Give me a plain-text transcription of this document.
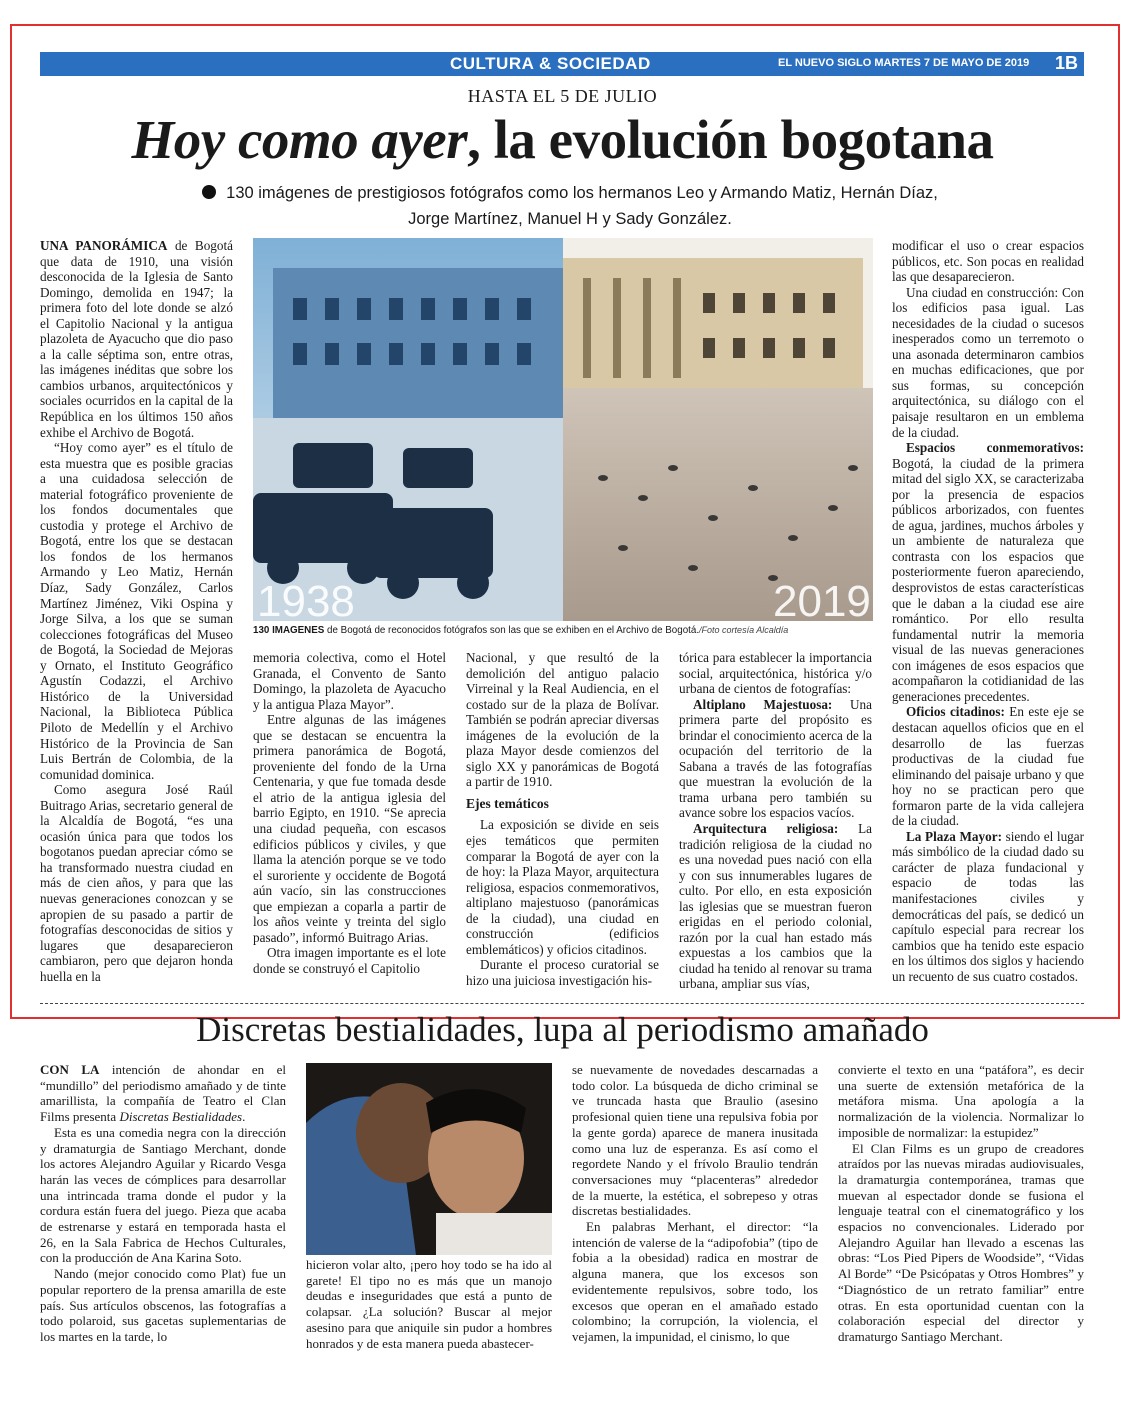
CULTURA & SOCIEDAD	EL NUEVO SIGLO MARTES 7 DE MAYO DE 2019 1B
HASTA EL 5 DE JULIO
Hoy como ayer, la evolución bogotana
130 imágenes de prestigiosos fotógrafos como los hermanos Leo y Armando Matiz, Hernán Díaz, Jorge Martínez, Manuel H y Sady González.

UNA PANORÁMICA de Bogotá que data de 1910, una visión desconocida de la Iglesia de Santo Domingo, demolida en 1947; la primera foto del lote donde se alzó el Capitolio Nacional y la antigua plazoleta de Ayacucho que dio paso a la calle séptima son, entre otras, las imágenes inéditas que sobre los cambios urbanos, arquitectónicos y sociales ocurridos en la capital de la República en los últimos 150 años exhibe el Archivo de Bogotá.

“Hoy como ayer” es el título de esta muestra que es posible gracias a una cuidadosa selección de material fotográfico proveniente de los fondos documentales que custodia y protege el Archivo de Bogotá, entre los que se destacan los fondos de los hermanos Armando y Leo Matiz, Hernán Díaz, Sady González, Carlos Martínez Jiménez, Viki Ospina y Jorge Silva, a los que se suman colecciones fotográficas del Museo de Bogotá, la Sociedad de Mejoras y Ornato, el Instituto Geográfico Agustín Codazzi, el Archivo Histórico de la Universidad Nacional, la Biblioteca Pública Piloto de Medellín y el Archivo Histórico de la Provincia de San Luis Bertrán de Colombia, de la comunidad dominica.

Como asegura José Raúl Buitrago Arias, secretario general de la Alcaldía de Bogotá, “es una ocasión única para que todos los bogotanos puedan apreciar cómo se ha transformado nuestra ciudad en más de cien años, y para que las nuevas generaciones conozcan y se apropien de su pasado a partir de fotografías desconocidas de sitios y lugares que desaparecieron cambiaron, pero que dejaron honda huella en la

1938	2019
130 IMAGENES de Bogotá de reconocidos fotógrafos son las que se exhiben en el Archivo de Bogotá./Foto cortesía Alcaldía

memoria colectiva, como el Hotel Granada, el Convento de Santo Domingo, la plazoleta de Ayacucho y la antigua Plaza Mayor”.

Entre algunas de las imágenes que se destacan se encuentra la primera panorámica de Bogotá, proveniente del fondo de la Urna Centenaria, y que fue tomada desde el atrio de la antigua iglesia del barrio Egipto, en 1910. “Se aprecia una ciudad pequeña, con escasos edificios públicos y civiles, y que llama la atención porque se ve todo el suroriente y occidente de Bogotá aún vacío, sin las construcciones que empiezan a coparla a partir de los años veinte y treinta del siglo pasado”, informó Buitrago Arias.

Otra imagen importante es el lote donde se construyó el Capitolio

Nacional, y que resultó de la demolición del antiguo palacio Virreinal y la Real Audiencia, en el costado sur de la plaza de Bolívar. También se podrán apreciar diversas imágenes de la evolución de la plaza Mayor desde comienzos del siglo XX y panorámicas de Bogotá a partir de 1910.

Ejes temáticos

La exposición se divide en seis ejes temáticos que permiten comparar la Bogotá de ayer con la de hoy: la Plaza Mayor, arquitectura religiosa, espacios conmemorativos, altiplano majestuoso (panorámicas de la ciudad), una ciudad en construcción (edificios emblemáticos) y oficios citadinos.

Durante el proceso curatorial se hizo una juiciosa investigación his-

tórica para establecer la importancia social, arquitectónica, histórica y/o urbana de cientos de fotografías:

Altiplano Majestuosa: Una primera parte del propósito es brindar el conocimiento acerca de la ocupación del territorio de la Sabana a través de las fotografías que muestran la evolución de la trama urbana pero también su avance sobre los espacios vacíos.

Arquitectura religiosa: La tradición religiosa de la ciudad no es una novedad pues nació con ella y con sus innumerables lugares de culto. Por ello, en esta exposición las iglesias que se muestran fueron erigidas en el periodo colonial, razón por la cual han estado más expuestas a los cambios que la ciudad ha tenido al renovar su trama urbana, ampliar sus vías,

modificar el uso o crear espacios públicos, etc. Son pocas en realidad las que desaparecieron.

Una ciudad en construcción: Con los edificios pasa igual. Las necesidades de la ciudad o sucesos inesperados como un terremoto o una asonada determinaron cambios en muchas edificaciones, que por sus formas, su concepción arquitectónica, su diálogo con el paisaje resultaron en un emblema de la ciudad.

Espacios conmemorativos: Bogotá, la ciudad de la primera mitad del siglo XX, se caracterizaba por la presencia de espacios públicos arborizados, con fuentes de agua, jardines, muchos árboles y un ambiente de naturaleza que contrasta con los espacios que posteriormente fueron apareciendo, desprovistos de estas características que le daban a la ciudad ese aire romántico. Por ello resulta fundamental nutrir la memoria visual de las nuevas generaciones con imágenes de esos espacios que acompañaron la cotidianidad de las generaciones precedentes.

Oficios citadinos: En este eje se destacan aquellos oficios que en el desarrollo de las fuerzas productivas de la ciudad fue eliminando del paisaje urbano y que hoy no se practican pero que formaron parte de la vida callejera de la ciudad.

La Plaza Mayor: siendo el lugar más simbólico de la ciudad dado su carácter de plaza fundacional y espacio de todas las manifestaciones civiles y democráticas del país, se dedicó un capítulo especial para recrear los cambios que ha tenido este espacio en los últimos dos siglos y haciendo un recuento de sus cuatro costados.

Discretas bestialidades, lupa al periodismo amañado

CON LA intención de ahondar en el “mundillo” del periodismo amañado y de tinte amarillista, la compañía de Teatro el Clan Films presenta Discretas Bestialidades.

Esta es una comedia negra con la dirección y dramaturgia de Santiago Merchant, donde los actores Alejandro Aguilar y Ricardo Vesga harán las veces de cómplices para desarrollar una intrincada trama donde el pudor y la cordura están fuera del juego. Pieza que acaba de estrenarse y estará en temporada hasta el 26, en la Sala Fabrica de Hechos Culturales, con la producción de Ana Karina Soto.

Nando (mejor conocido como Plat) fue un popular reportero de la prensa amarilla de este país. Sus artículos obscenos, las fotografías a todo polaroid, sus gacetas suplementarias de los martes en la tarde, lo

hicieron volar alto, ¡pero hoy todo se ha ido al garete! El tipo no es más que un manojo deudas e inseguridades que está a punto de colapsar. ¿La solución? Buscar al mejor asesino para que aniquile sin pudor a hombres honrados y de esta manera pueda abastecer-

se nuevamente de novedades descarnadas a todo color. La búsqueda de dicho criminal se ve truncada hasta que Braulio (asesino profesional quien tiene una repulsiva fobia por la gente gorda) aparece de manera inusitada como una luz de esperanza. Es así como el regordete Nando y el frívolo Braulio tendrán conversaciones muy “placenteras” alrededor de la muerte, la estética, el sobrepeso y otras discretas bestialidades.

En palabras Merhant, el director: “la intención de valerse de la “adipofobia” (tipo de fobia a la obesidad) radica en mostrar de alguna manera, que los excesos son evidentemente repulsivos, sobre todo, los excesos que operan en el amañado estado colombino; la corrupción, la violencia, el vejamen, la impunidad, el cinismo, lo que

convierte el texto en una “patáfora”, es decir una suerte de extensión metafórica de la metáfora misma. Una apología a la normalización de la violencia. Normalizar lo imposible de normalizar: la estupidez”

El Clan Films es un grupo de creadores atraídos por las nuevas miradas audiovisuales, la dramaturgia contemporánea, tramas que muevan al espectador donde se fusiona el lenguaje teatral con el cinematográfico y los espacios no convencionales. Liderado por Alejandro Aguilar han llevado a escenas las obras: “Los Pied Pipers de Woodside”, “Vidas Al Borde” “De Psicópatas y Otros Hombres” y “Diagnóstico de un retrato familiar” entre otras. En esta oportunidad cuentan con la colaboración especial del director y dramaturgo Santiago Merchant.
